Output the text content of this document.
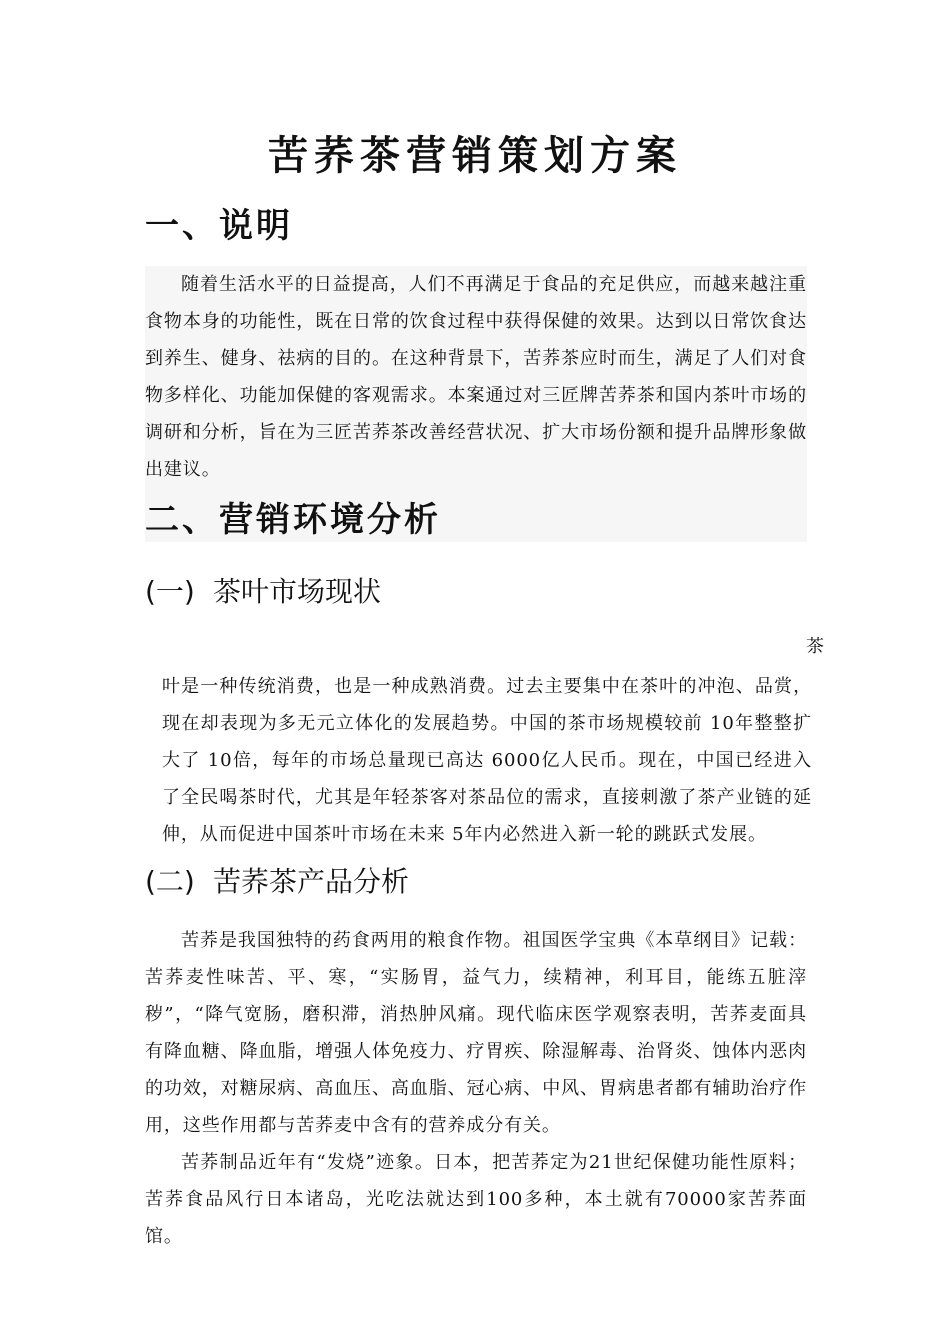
苦荞茶营销策划方案
一、说明

随着生活水平的日益提高，人们不再满足于食品的充足供应，而越来越注重食物本身的功能性，既在日常的饮食过程中获得保健的效果。达到以日常饮食达到养生、健身、祛病的目的。在这种背景下，苦荞茶应时而生，满足了人们对食物多样化、功能加保健的客观需求。本案通过对三匠牌苦荞茶和国内茶叶市场的调研和分析，旨在为三匠苦荞茶改善经营状况、扩大市场份额和提升品牌形象做出建议。

二、营销环境分析
(一) 茶叶市场现状
茶

叶是一种传统消费，也是一种成熟消费。过去主要集中在茶叶的冲泡、品赏，现在却表现为多无元立体化的发展趋势。中国的茶市场规模较前 10年整整扩大了 10倍，每年的市场总量现已高达 6000亿人民币。现在，中国已经进入了全民喝茶时代，尤其是年轻茶客对茶品位的需求，直接刺激了茶产业链的延伸，从而促进中国茶叶市场在未来 5年内必然进入新一轮的跳跃式发展。

(二) 苦荞茶产品分析

苦荞是我国独特的药食两用的粮食作物。祖国医学宝典《本草纲目》记载：苦荞麦性味苦、平、寒，“实肠胃，益气力，续精神，利耳目，能练五脏滓秽”，“降气宽肠，磨积滞，消热肿风痛。现代临床医学观察表明，苦荞麦面具有降血糖、降血脂，增强人体免疫力、疗胃疾、除湿解毒、治肾炎、蚀体内恶肉的功效，对糖尿病、高血压、高血脂、冠心病、中风、胃病患者都有辅助治疗作用，这些作用都与苦荞麦中含有的营养成分有关。

苦荞制品近年有“发烧”迹象。日本，把苦荞定为21世纪保健功能性原料；苦荞食品风行日本诸岛，光吃法就达到100多种，本土就有70000家苦荞面馆。
